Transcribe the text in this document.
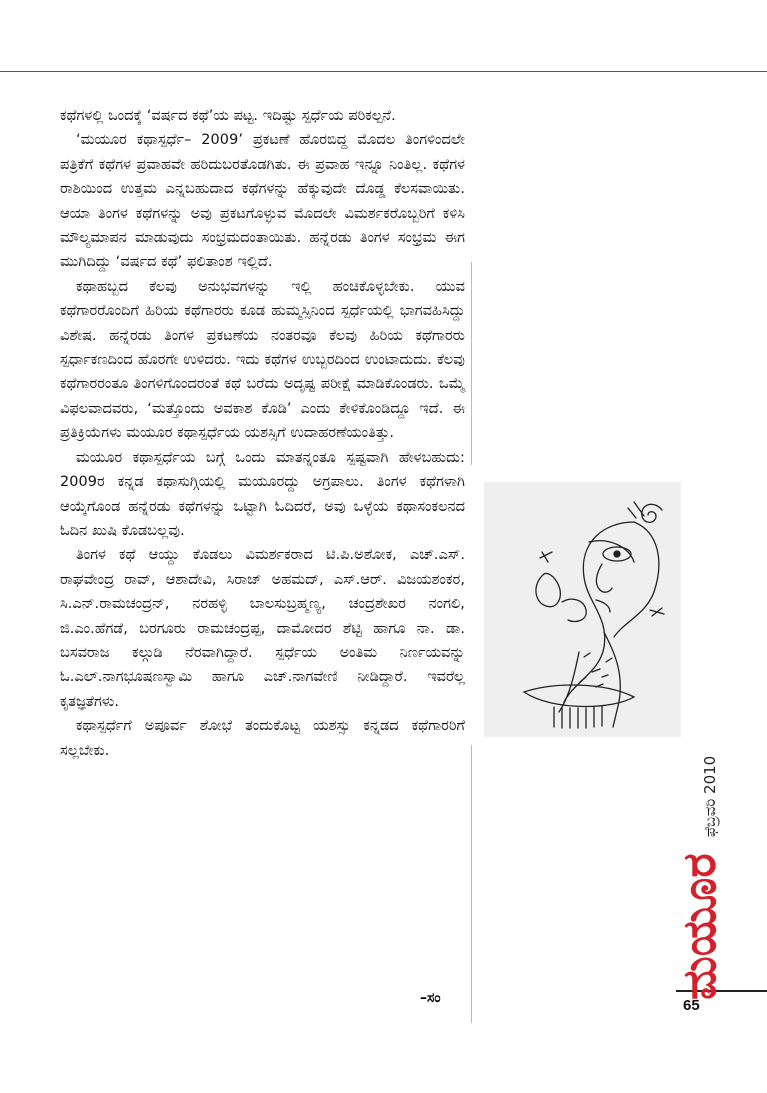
ಕಥೆಗಳಲ್ಲಿ ಒಂದಕ್ಕೆ ‘ವರ್ಷದ ಕಥೆ’ಯ ಪಟ್ಟ. ಇದಿಷ್ಟು ಸ್ಪರ್ಧೆಯ ಪರಿಕಲ್ಪನೆ.

‘ಮಯೂರ ಕಥಾಸ್ಪರ್ಧೆ– 2009’ ಪ್ರಕಟಣೆ ಹೊರಬಿದ್ದ ಮೊದಲ ತಿಂಗಳಿಂದಲೇ ಪತ್ರಿಕೆಗೆ ಕಥೆಗಳ ಪ್ರವಾಹವೇ ಹರಿದುಬರತೊಡಗಿತು. ಈ ಪ್ರವಾಹ ಇನ್ನೂ ನಿಂತಿಲ್ಲ. ಕಥೆಗಳ ರಾಶಿಯಿಂದ ಉತ್ತಮ ಎನ್ನಬಹುದಾದ ಕಥೆಗಳನ್ನು ಹೆಕ್ಕುವುದೇ ದೊಡ್ಡ ಕೆಲಸವಾಯಿತು. ಆಯಾ ತಿಂಗಳ ಕಥೆಗಳನ್ನು ಅವು ಪ್ರಕಟಗೊಳ್ಳುವ ಮೊದಲೇ ವಿಮರ್ಶಕರೊಬ್ಬರಿಗೆ ಕಳಿಸಿ ಮೌಲ್ಯಮಾಪನ ಮಾಡುವುದು ಸಂಭ್ರಮದಂತಾಯಿತು. ಹನ್ನೆರಡು ತಿಂಗಳ ಸಂಭ್ರಮ ಈಗ ಮುಗಿದಿದ್ದು ‘ವರ್ಷದ ಕಥೆ’ ಫಲಿತಾಂಶ ಇಲ್ಲಿದೆ.

ಕಥಾಹಬ್ಬದ ಕೆಲವು ಅನುಭವಗಳನ್ನು ಇಲ್ಲಿ ಹಂಚಿಕೊಳ್ಳಬೇಕು. ಯುವ ಕಥೆಗಾರರೊಂದಿಗೆ ಹಿರಿಯ ಕಥೆಗಾರರು ಕೂಡ ಹುಮ್ಮಸ್ಸಿನಿಂದ ಸ್ಪರ್ಧೆಯಲ್ಲಿ ಭಾಗವಹಿಸಿದ್ದು ವಿಶೇಷ. ಹನ್ನೆರಡು ತಿಂಗಳ ಪ್ರಕಟಣೆಯ ನಂತರವೂ ಕೆಲವು ಹಿರಿಯ ಕಥೆಗಾರರು ಸ್ಪರ್ಧಾಕಣದಿಂದ ಹೊರಗೇ ಉಳಿದರು. ಇದು ಕಥೆಗಳ ಉಬ್ಬರದಿಂದ ಉಂಟಾದುದು. ಕೆಲವು ಕಥೆಗಾರರಂತೂ ತಿಂಗಳಿಗೊಂದರಂತೆ ಕಥೆ ಬರೆದು ಅದೃಷ್ಟ ಪರೀಕ್ಷೆ ಮಾಡಿಕೊಂಡರು. ಒಮ್ಮೆ ವಿಫಲವಾದವರು, ‘ಮತ್ತೊಂದು ಅವಕಾಶ ಕೊಡಿ’ ಎಂದು ಕೇಳಿಕೊಂಡಿದ್ದೂ ಇದೆ. ಈ ಪ್ರತಿಕ್ರಿಯೆಗಳು ಮಯೂರ ಕಥಾಸ್ಪರ್ಧೆಯ ಯಶಸ್ಸಿಗೆ ಉದಾಹರಣೆಯಂತಿತ್ತು.

ಮಯೂರ ಕಥಾಸ್ಪರ್ಧೆಯ ಬಗ್ಗೆ ಒಂದು ಮಾತನ್ನಂತೂ ಸ್ಪಷ್ಟವಾಗಿ ಹೇಳಬಹುದು: 2009ರ ಕನ್ನಡ ಕಥಾಸುಗ್ಗಿಯಲ್ಲಿ ಮಯೂರದ್ದು ಅಗ್ರಪಾಲು. ತಿಂಗಳ ಕಥೆಗಳಾಗಿ ಆಯ್ಕೆಗೊಂಡ ಹನ್ನೆರಡು ಕಥೆಗಳನ್ನು ಒಟ್ಟಾಗಿ ಓದಿದರೆ, ಅವು ಒಳ್ಳೆಯ ಕಥಾಸಂಕಲನದ ಓದಿನ ಖುಷಿ ಕೊಡಬಲ್ಲವು.

ತಿಂಗಳ ಕಥೆ ಆಯ್ದು ಕೊಡಲು ವಿಮರ್ಶಕರಾದ ಟಿ.ಪಿ.ಅಶೋಕ, ಎಚ್.ಎಸ್. ರಾಘವೇಂದ್ರ ರಾವ್, ಆಶಾದೇವಿ, ಸಿರಾಜ್ ಅಹಮದ್, ಎಸ್.ಆರ್. ವಿಜಯಶಂಕರ, ಸಿ.ಎನ್.ರಾಮಚಂದ್ರನ್, ನರಹಳ್ಳಿ ಬಾಲಸುಬ್ರಹ್ಮಣ್ಯ, ಚಂದ್ರಶೇಖರ ನಂಗಲಿ, ಜಿ.ಎಂ.ಹೆಗಡೆ, ಬರಗೂರು ರಾಮಚಂದ್ರಪ್ಪ, ದಾಮೋದರ ಶೆಟ್ಟಿ ಹಾಗೂ ನಾ. ಡಾ. ಬಸವರಾಜ ಕಲ್ಗುಡಿ ನೆರವಾಗಿದ್ದಾರೆ. ಸ್ಪರ್ಧೆಯ ಅಂತಿಮ ನಿರ್ಣಯವನ್ನು ಓ.ಎಲ್.ನಾಗಭೂಷಣಸ್ವಾಮಿ ಹಾಗೂ ಎಚ್.ನಾಗವೇಣಿ ನೀಡಿದ್ದಾರೆ. ಇವರೆಲ್ಲ ಕೃತಜ್ಞತೆಗಳು.

ಕಥಾಸ್ಪರ್ಧೆಗೆ ಅಪೂರ್ವ ಶೋಭೆ ತಂದುಕೊಟ್ಟ ಯಶಸ್ಸು ಕನ್ನಡದ ಕಥೆಗಾರರಿಗೆ ಸಲ್ಲಬೇಕು.

–ಸಂ	ಮಯೂರ
ಫೆಬ್ರವರಿ 2010
65
